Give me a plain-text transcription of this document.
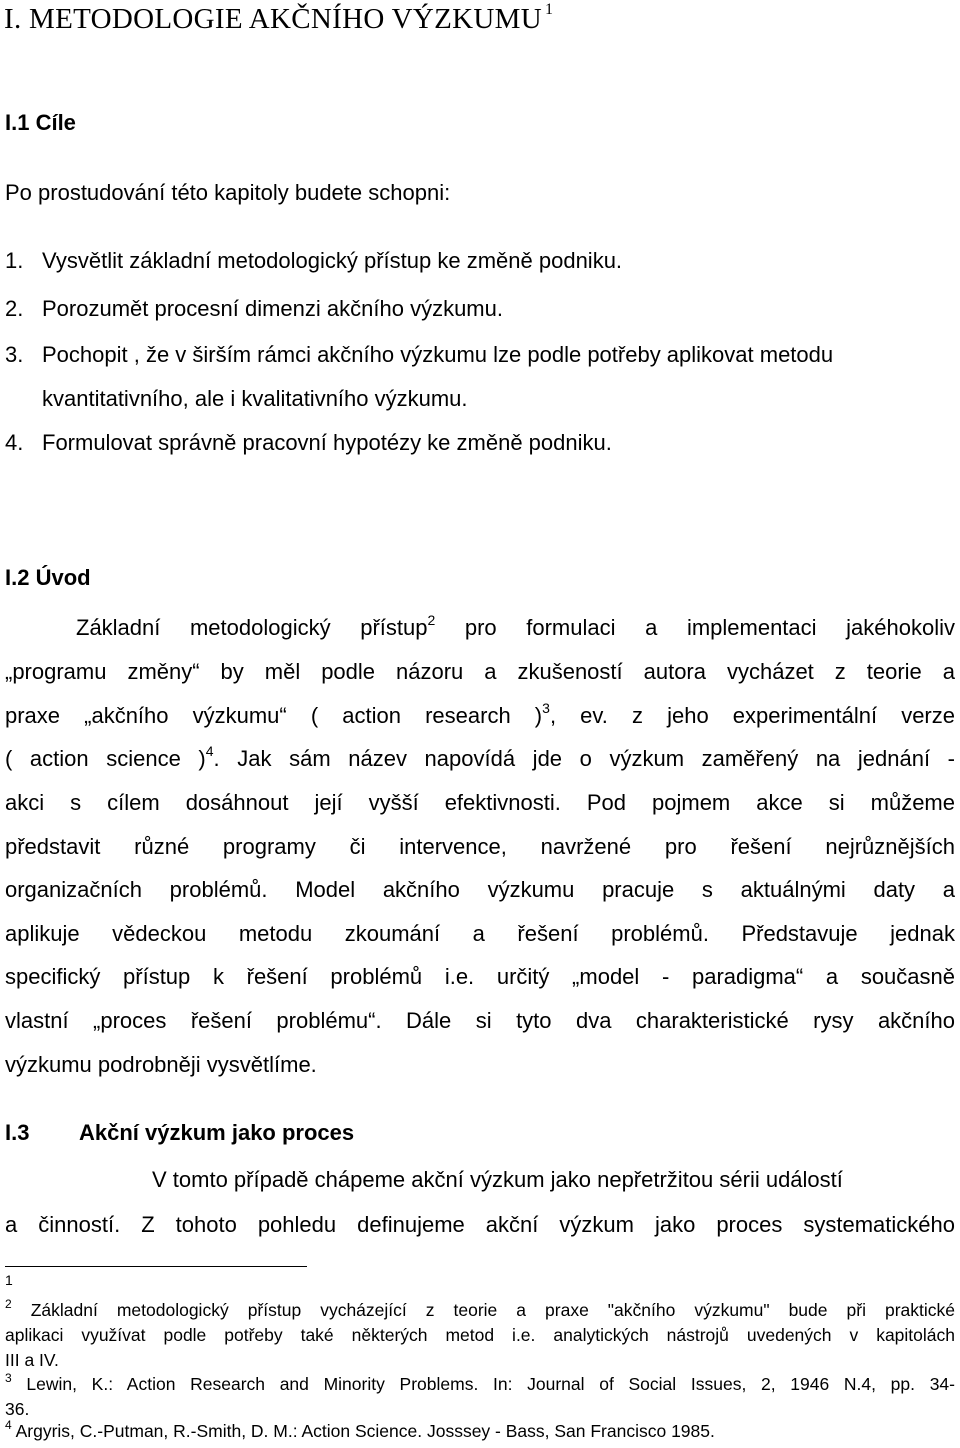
I. METODOLOGIE AKČNÍHO VÝZKUMU $^1$
I.1 Cíle
Po prostudování této kapitoly budete schopni:
1. Vysvětlit základní metodologický přístup ke změně podniku.
2. Porozumět procesní dimenzi akčního výzkumu.
3. Pochopit , že v širším rámci akčního výzkumu lze podle potřeby aplikovat metodu
kvantitativního, ale i kvalitativního výzkumu.
4. Formulovat správně pracovní hypotézy ke změně podniku.
I.2 Úvod
Základní metodologický přístup$^2$ pro formulaci a implementaci jakéhokoliv
„programu změny“ by měl podle názoru a zkušeností autora vycházet z teorie a
praxe „akčního výzkumu“ ( action research )$^3$, ev. z jeho experimentální verze
( action science )$^4$. Jak sám název napovídá jde o výzkum zaměřený na jednání -
akci s cílem dosáhnout její vyšší efektivnosti. Pod pojmem akce si můžeme
představit různé programy či intervence, navržené pro řešení nejrůznějších
organizačních problémů. Model akčního výzkumu pracuje s aktuálnými daty a
aplikuje vědeckou metodu zkoumání a řešení problémů. Představuje jednak
specifický přístup k řešení problémů i.e. určitý „model - paradigma“ a současně
vlastní „proces řešení problému“. Dále si tyto dva charakteristické rysy akčního
výzkumu podrobněji vysvětlíme.
I.3 Akční výzkum jako proces
V tomto případě chápeme akční výzkum jako nepřetržitou sérii událostí
a činností. Z tohoto pohledu definujeme akční výzkum jako proces systematického
1
$^2$ Základní metodologický přístup vycházející z teorie a praxe "akčního výzkumu" bude při praktické
aplikaci využívat podle potřeby také některých metod i.e. analytických nástrojů uvedených v kapitolách
III a IV.
$^3$ Lewin, K.: Action Research and Minority Problems. In: Journal of Social Issues, 2, 1946 N.4, pp. 34-
36.
$^4$ Argyris, C.-Putman, R.-Smith, D. M.: Action Science. Josssey - Bass, San Francisco 1985.
